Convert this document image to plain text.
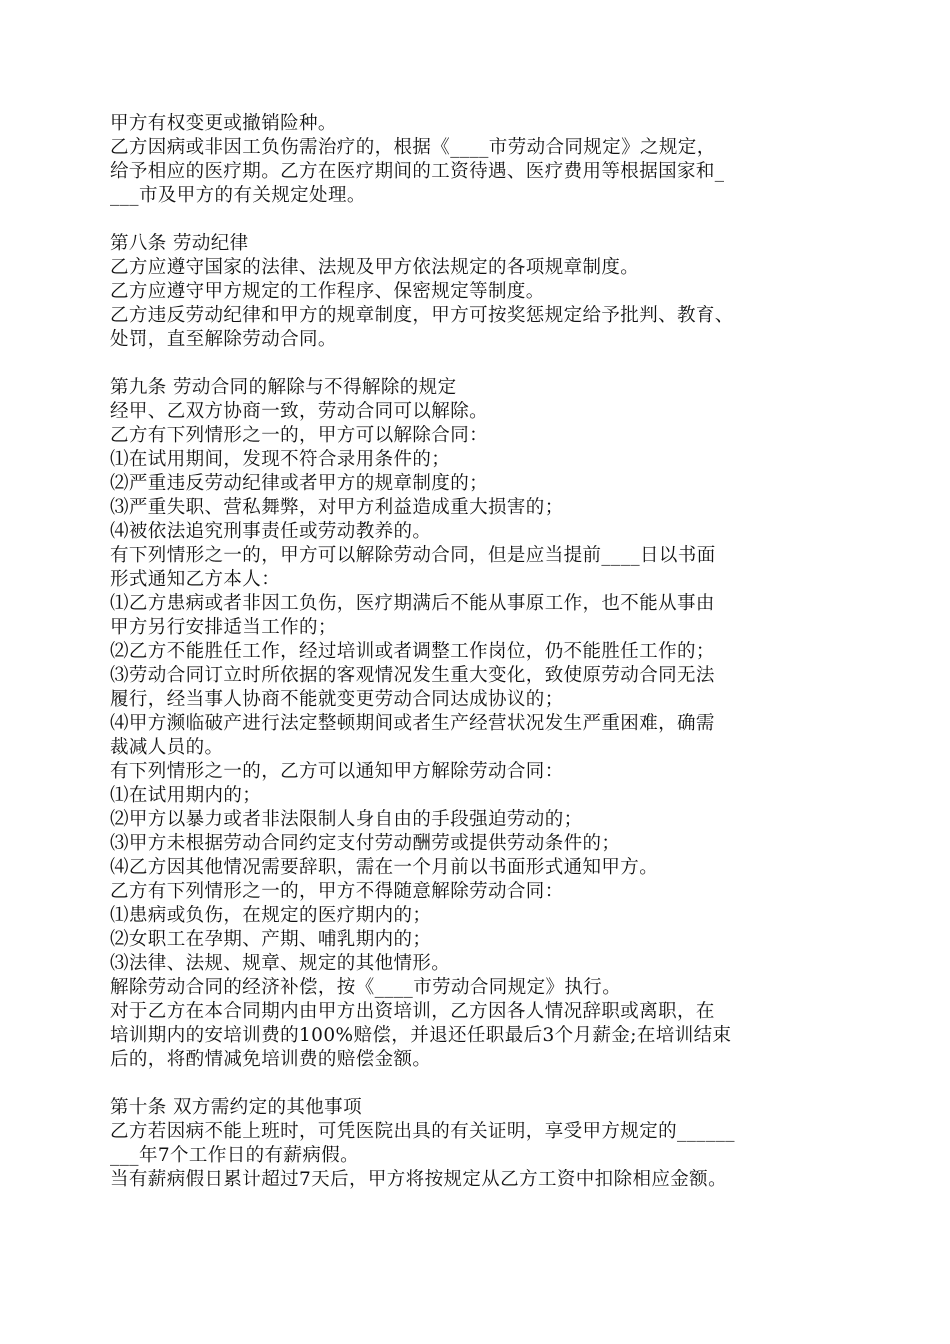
甲方有权变更或撤销险种。
乙方因病或非因工负伤需治疗的，根据《____市劳动合同规定》之规定，
给予相应的医疗期。乙方在医疗期间的工资待遇、医疗费用等根据国家和_
___市及甲方的有关规定处理。
第八条 劳动纪律
乙方应遵守国家的法律、法规及甲方依法规定的各项规章制度。
乙方应遵守甲方规定的工作程序、保密规定等制度。
乙方违反劳动纪律和甲方的规章制度，甲方可按奖惩规定给予批判、教育、
处罚，直至解除劳动合同。
第九条 劳动合同的解除与不得解除的规定
经甲、乙双方协商一致，劳动合同可以解除。
乙方有下列情形之一的，甲方可以解除合同：
⑴在试用期间，发现不符合录用条件的；
⑵严重违反劳动纪律或者甲方的规章制度的；
⑶严重失职、营私舞弊，对甲方利益造成重大损害的；
⑷被依法追究刑事责任或劳动教养的。
有下列情形之一的，甲方可以解除劳动合同，但是应当提前____日以书面
形式通知乙方本人：
⑴乙方患病或者非因工负伤，医疗期满后不能从事原工作，也不能从事由
甲方另行安排适当工作的；
⑵乙方不能胜任工作，经过培训或者调整工作岗位，仍不能胜任工作的；
⑶劳动合同订立时所依据的客观情况发生重大变化，致使原劳动合同无法
履行，经当事人协商不能就变更劳动合同达成协议的；
⑷甲方濒临破产进行法定整顿期间或者生产经营状况发生严重困难，确需
裁减人员的。
有下列情形之一的，乙方可以通知甲方解除劳动合同：
⑴在试用期内的；
⑵甲方以暴力或者非法限制人身自由的手段强迫劳动的；
⑶甲方未根据劳动合同约定支付劳动酬劳或提供劳动条件的；
⑷乙方因其他情况需要辞职，需在一个月前以书面形式通知甲方。
乙方有下列情形之一的，甲方不得随意解除劳动合同：
⑴患病或负伤，在规定的医疗期内的；
⑵女职工在孕期、产期、哺乳期内的；
⑶法律、法规、规章、规定的其他情形。
解除劳动合同的经济补偿，按《____市劳动合同规定》执行。
对于乙方在本合同期内由甲方出资培训，乙方因各人情况辞职或离职，在
培训期内的安培训费的100%赔偿，并退还任职最后3个月薪金;在培训结束
后的，将酌情减免培训费的赔偿金额。
第十条 双方需约定的其他事项
乙方若因病不能上班时，可凭医院出具的有关证明，享受甲方规定的______
___年7个工作日的有薪病假。
当有薪病假日累计超过7天后，甲方将按规定从乙方工资中扣除相应金额。
